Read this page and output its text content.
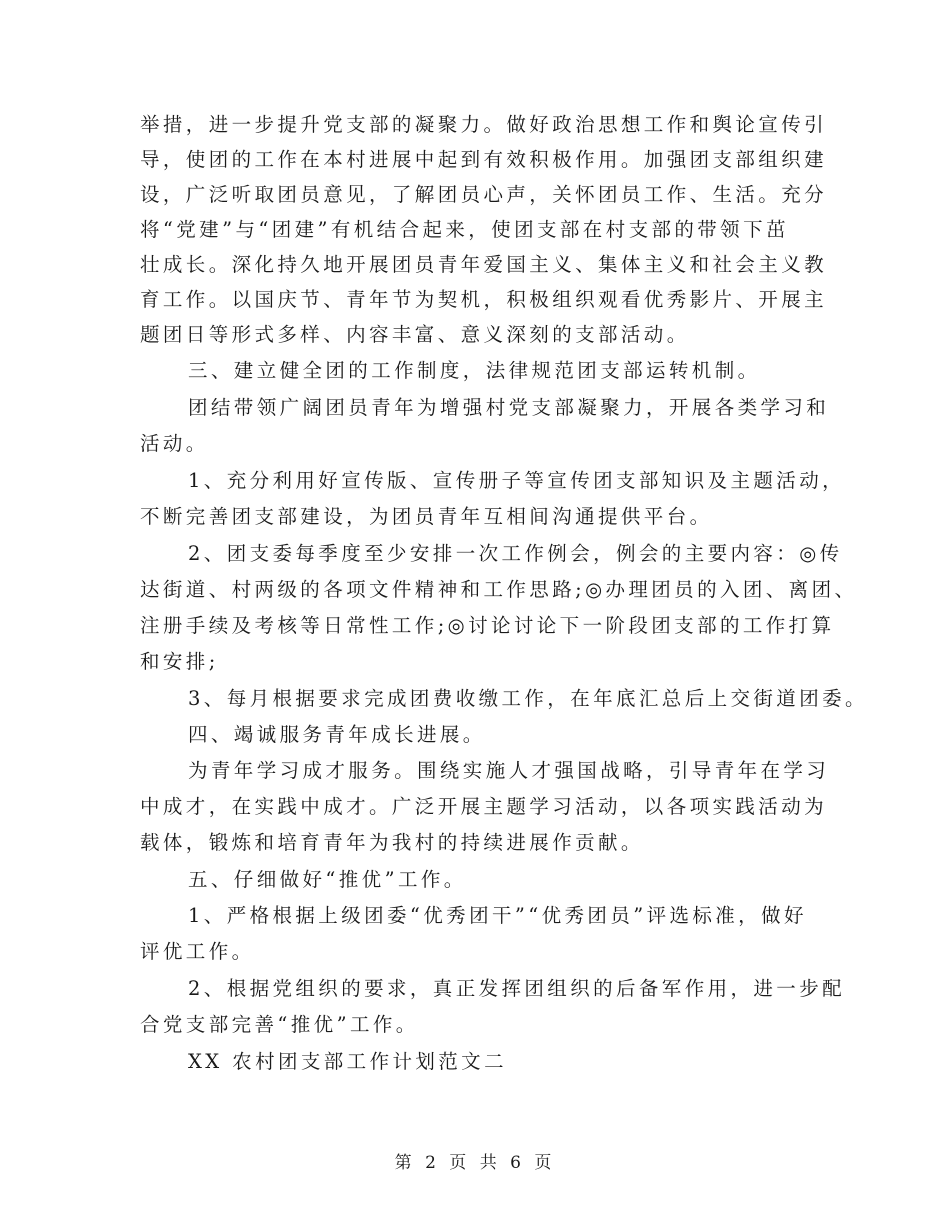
举措，进一步提升党支部的凝聚力。做好政治思想工作和舆论宣传引
导，使团的工作在本村进展中起到有效积极作用。加强团支部组织建
设，广泛听取团员意见，了解团员心声，关怀团员工作、生活。充分
将“党建”与“团建”有机结合起来，使团支部在村支部的带领下茁
壮成长。深化持久地开展团员青年爱国主义、集体主义和社会主义教
育工作。以国庆节、青年节为契机，积极组织观看优秀影片、开展主
题团日等形式多样、内容丰富、意义深刻的支部活动。
三、建立健全团的工作制度，法律规范团支部运转机制。
团结带领广阔团员青年为增强村党支部凝聚力，开展各类学习和
活动。
1、充分利用好宣传版、宣传册子等宣传团支部知识及主题活动，
不断完善团支部建设，为团员青年互相间沟通提供平台。
2、团支委每季度至少安排一次工作例会，例会的主要内容：◎传
达街道、村两级的各项文件精神和工作思路;◎办理团员的入团、离团、
注册手续及考核等日常性工作;◎讨论讨论下一阶段团支部的工作打算
和安排;
3、每月根据要求完成团费收缴工作，在年底汇总后上交街道团委。
四、竭诚服务青年成长进展。
为青年学习成才服务。围绕实施人才强国战略，引导青年在学习
中成才，在实践中成才。广泛开展主题学习活动，以各项实践活动为
载体，锻炼和培育青年为我村的持续进展作贡献。
五、仔细做好“推优”工作。
1、严格根据上级团委“优秀团干”“优秀团员”评选标准，做好
评优工作。
2、根据党组织的要求，真正发挥团组织的后备军作用，进一步配
合党支部完善“推优”工作。
XX 农村团支部工作计划范文二
第 2 页 共 6 页
